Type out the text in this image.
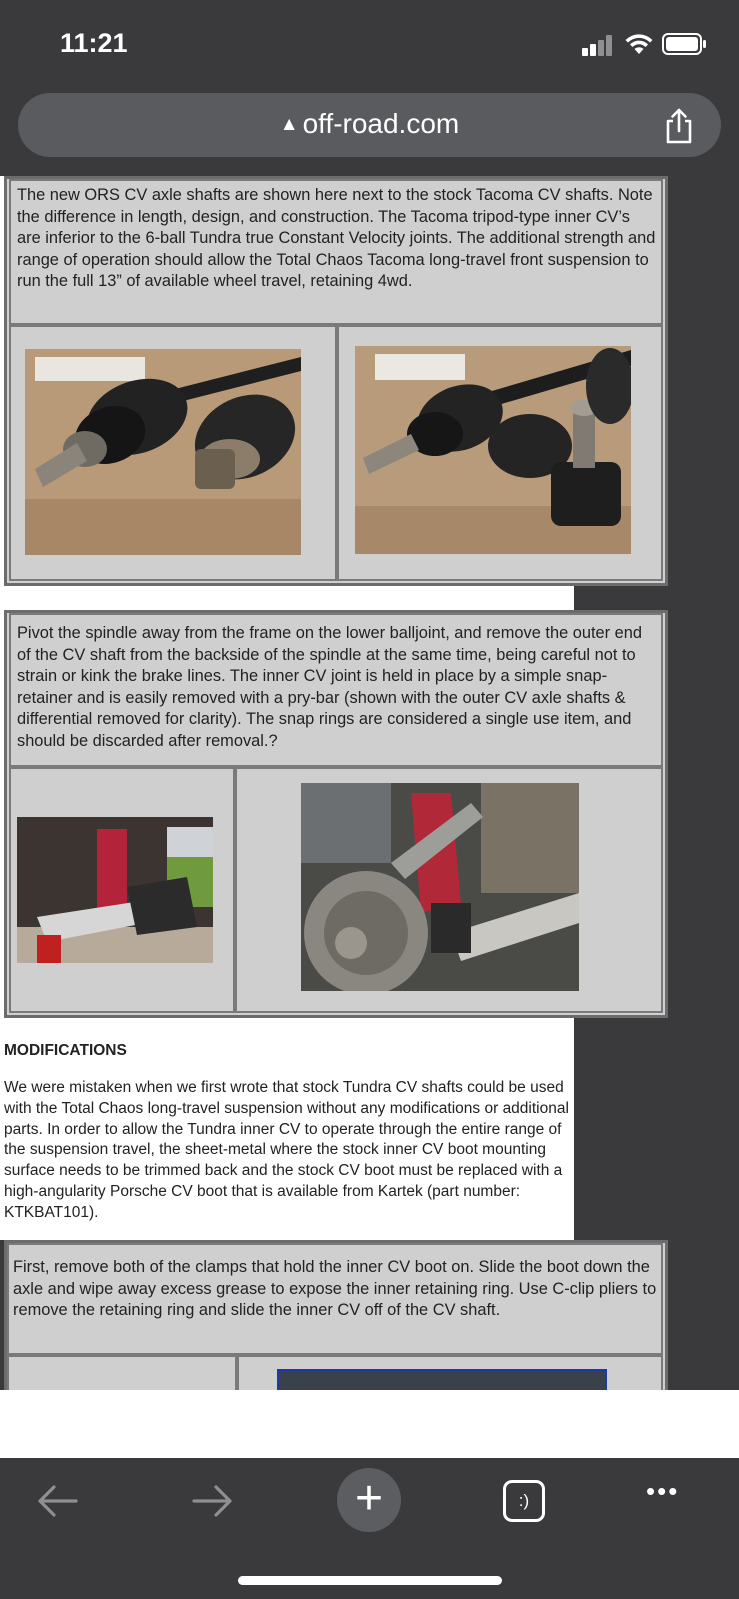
11:21
▲ off-road.com
The new ORS CV axle shafts are shown here next to the stock Tacoma CV shafts. Note the difference in length, design, and construction. The Tacoma tripod-type inner CV’s are inferior to the 6-ball Tundra true Constant Velocity joints. The additional strength and range of operation should allow the Total Chaos Tacoma long-travel front suspension to run the full 13” of available wheel travel, retaining 4wd.
Pivot the spindle away from the frame on the lower balljoint, and remove the outer end of the CV shaft from the backside of the spindle at the same time, being careful not to strain or kink the brake lines. The inner CV joint is held in place by a simple snap-retainer and is easily removed with a pry-bar (shown with the outer CV axle shafts & differential removed for clarity). The snap rings are considered a single use item, and should be discarded after removal.?
MODIFICATIONS
We were mistaken when we first wrote that stock Tundra CV shafts could be used with the Total Chaos long-travel suspension without any modifications or additional parts. In order to allow the Tundra inner CV to operate through the entire range of the suspension travel, the sheet-metal where the stock inner CV boot mounting surface needs to be trimmed back and the stock CV boot must be replaced with a high-angularity Porsche CV boot that is available from Kartek (part number: KTKBAT101).
First, remove both of the clamps that hold the inner CV boot on. Slide the boot down the axle and wipe away excess grease to expose the inner retaining ring. Use C-clip pliers to remove the retaining ring and slide the inner CV off of the CV shaft.
+	:)	•••
